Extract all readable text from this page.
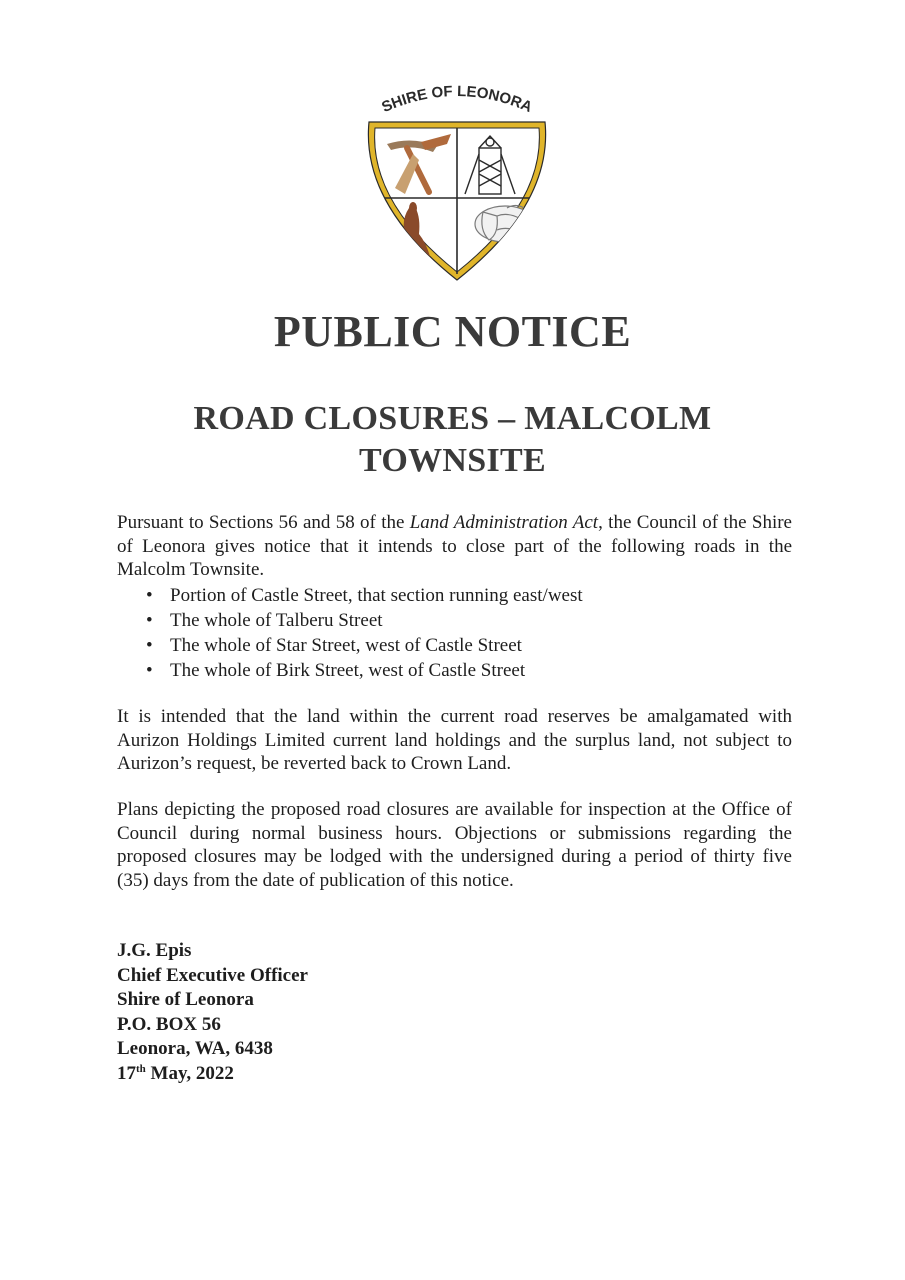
SHIRE OF LEONORA
PUBLIC NOTICE
ROAD CLOSURES – MALCOLM
TOWNSITE

Pursuant to Sections 56 and 58 of the Land Administration Act, the Council of the Shire of Leonora gives notice that it intends to close part of the following roads in the Malcolm Townsite.

• Portion of Castle Street, that section running east/west
• The whole of Talberu Street
• The whole of Star Street, west of Castle Street
• The whole of Birk Street, west of Castle Street

It is intended that the land within the current road reserves be amalgamated with Aurizon Holdings Limited current land holdings and the surplus land, not subject to Aurizon’s request, be reverted back to Crown Land.

Plans depicting the proposed road closures are available for inspection at the Office of Council during normal business hours. Objections or submissions regarding the proposed closures may be lodged with the undersigned during a period of thirty five (35) days from the date of publication of this notice.

J.G. Epis
Chief Executive Officer
Shire of Leonora
P.O. BOX 56
Leonora, WA, 6438
17th May, 2022
